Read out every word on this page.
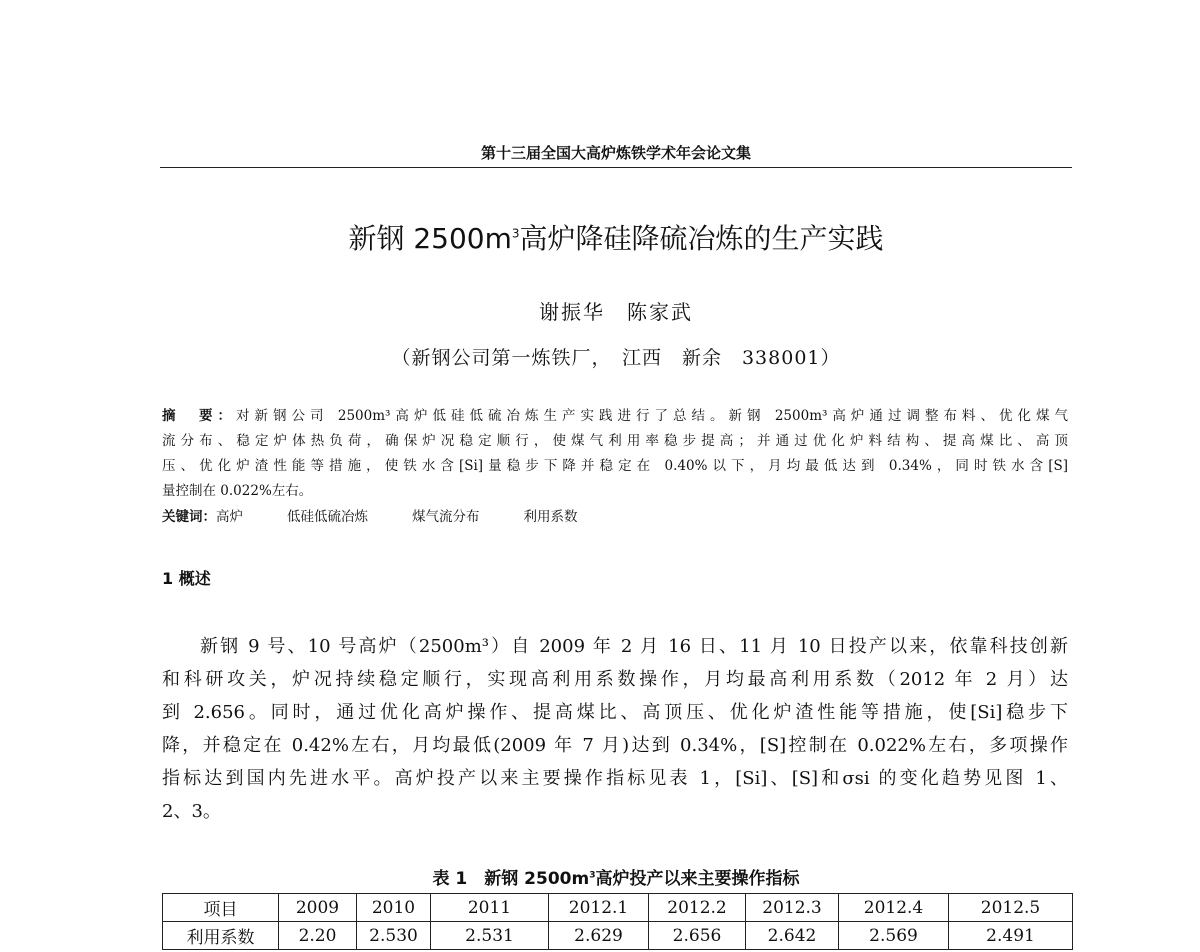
第十三届全国大高炉炼铁学术年会论文集
新钢 $2500m^3$高炉降硅降硫冶炼的生产实践
谢振华　陈家武
（新钢公司第一炼铁厂，　江西　新余　338001）
摘　要：对新钢公司 2500m³高炉低硅低硫冶炼生产实践进行了总结。新钢 2500m³高炉通过调整布料、优化煤气
流分布、稳定炉体热负荷，确保炉况稳定顺行，使煤气利用率稳步提高；并通过优化炉料结构、提高煤比、高顶
压、优化炉渣性能等措施，使铁水含[Si]量稳步下降并稳定在 0.40%以下，月均最低达到 0.34%，同时铁水含[S]
量控制在 0.022%左右。
关键词：高炉	低硅低硫冶炼	煤气流分布	利用系数
1 概述
新钢 9 号、10 号高炉（2500m³）自 2009 年 2 月 16 日、11 月 10 日投产以来，依靠科技创新
和科研攻关，炉况持续稳定顺行，实现高利用系数操作，月均最高利用系数（2012 年 2 月）达
到 2.656。同时，通过优化高炉操作、提高煤比、高顶压、优化炉渣性能等措施，使[Si]稳步下
降，并稳定在 0.42%左右，月均最低(2009 年 7 月)达到 0.34%，[S]控制在 0.022%左右，多项操作
指标达到国内先进水平。高炉投产以来主要操作指标见表 1，[Si]、[S]和σsi 的变化趋势见图 1、
2、3。
表 1　新钢 $2500m^3$高炉投产以来主要操作指标
项目	2009	2010	2011	2012.1	2012.2	2012.3	2012.4	2012.5
利用系数	2.20	2.530	2.531	2.629	2.656	2.642	2.569	2.491
